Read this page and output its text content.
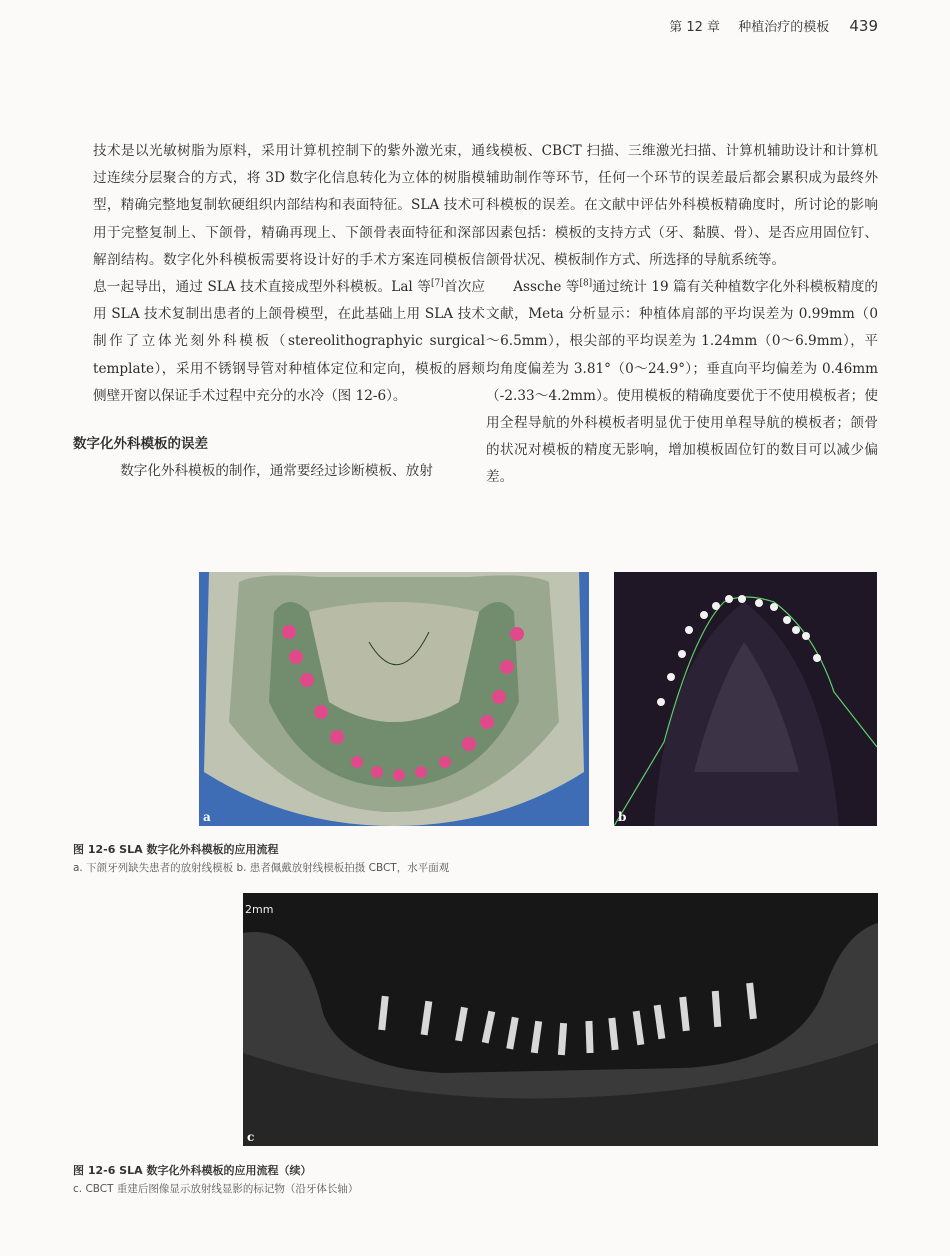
第 12 章 种植治疗的模板 439

技术是以光敏树脂为原料，采用计算机控制下的紫外激光束，通过连续分层聚合的方式，将 3D 数字化信息转化为立体的树脂模型，精确完整地复制软硬组织内部结构和表面特征。SLA 技术可用于完整复制上、下颌骨，精确再现上、下颌骨表面特征和深部解剖结构。数字化外科模板需要将设计好的手术方案连同模板信息一起导出，通过 SLA 技术直接成型外科模板。Lal 等[7]首次应用 SLA 技术复制出患者的上颌骨模型，在此基础上用 SLA 技术制作了立体光刻外科模板（stereolithographyic surgical template），采用不锈钢导管对种植体定位和定向，模板的唇颊侧壁开窗以保证手术过程中充分的水冷（图 12-6）。

数字化外科模板的误差

数字化外科模板的制作，通常要经过诊断模板、放射

线模板、CBCT 扫描、三维激光扫描、计算机辅助设计和计算机辅助制作等环节，任何一个环节的误差最后都会累积成为最终外科模板的误差。在文献中评估外科模板精确度时，所讨论的影响因素包括：模板的支持方式（牙、黏膜、骨）、是否应用固位钉、颌骨状况、模板制作方式、所选择的导航系统等。

Assche 等[8]通过统计 19 篇有关种植数字化外科模板精度的文献，Meta 分析显示：种植体肩部的平均误差为 0.99mm（0～6.5mm），根尖部的平均误差为 1.24mm（0～6.9mm），平均角度偏差为 3.81°（0～24.9°）；垂直向平均偏差为 0.46mm（-2.33～4.2mm）。使用模板的精确度要优于不使用模板者；使用全程导航的外科模板者明显优于使用单程导航的模板者；颌骨的状况对模板的精度无影响，增加模板固位钉的数目可以减少偏差。

a	b
2mm
c
图 12-6 SLA 数字化外科模板的应用流程
a. 下颌牙列缺失患者的放射线模板 b. 患者佩戴放射线模板拍摄 CBCT，水平面观
图 12-6 SLA 数字化外科模板的应用流程（续）
c. CBCT 重建后图像显示放射线显影的标记物（沿牙体长轴）
